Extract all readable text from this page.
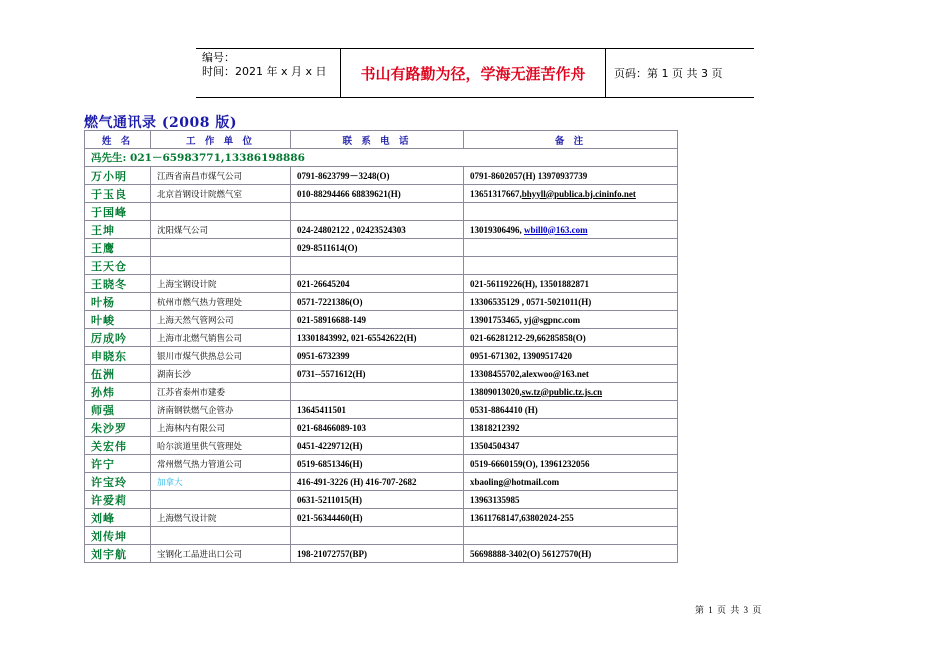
编号：
时间：2021 年 x 月 x 日	书山有路勤为径，学海无涯苦作舟	页码：第 1 页 共 3 页
燃气通讯录 (2008 版)
姓 名	工 作 单 位	联 系 电 话	备 注
冯先生: 021－65983771,13386198886			
万小明	江西省南昌市煤气公司	0791-8623799－3248(O)	0791-8602057(H) 13970937739
于玉良	北京首钢设计院燃气室	010-88294466 68839621(H)	13651317667,bhyyll@publica.bj.cininfo.net
于国峰			
王坤	沈阳煤气公司	024-24802122 , 02423524303	13019306496, wbill0@163.com
王鹰		029-8511614(O)	
王天仓			
王晓冬	上海宝钢设计院	021-26645204	021-56119226(H), 13501882871
叶杨	杭州市燃气热力管理处	0571-7221386(O)	13306535129 , 0571-5021011(H)
叶峻	上海天然气管网公司	021-58916688-149	13901753465, yj@sgpnc.com
厉成吟	上海市北燃气销售公司	13301843992, 021-65542622(H)	021-66281212-29,66285858(O)
申晓东	银川市煤气供热总公司	0951-6732399	0951-671302, 13909517420
伍洲	湖南长沙	0731--5571612(H)	13308455702,alexwoo@163.net
孙炜	江苏省泰州市建委		13809013020,sw.tz@public.tz.js.cn
师强	济南钢铁燃气企管办	13645411501	0531-8864410 (H)
朱沙罗	上海林内有限公司	021-68466089-103	13818212392
关宏伟	哈尔滨道里供气管理处	0451-4229712(H)	13504504347
许宁	常州燃气热力管道公司	0519-6851346(H)	0519-6660159(O), 13961232056
许宝玲	加拿大	416-491-3226 (H) 416-707-2682	xbaoling@hotmail.com
许爱莉		0631-5211015(H)	13963135985
刘峰	上海燃气设计院	021-56344460(H)	13611768147,63802024-255
刘传坤			
刘宇航	宝钢化工品进出口公司	198-21072757(BP)	56698888-3402(O) 56127570(H)
第 1 页 共 3 页
